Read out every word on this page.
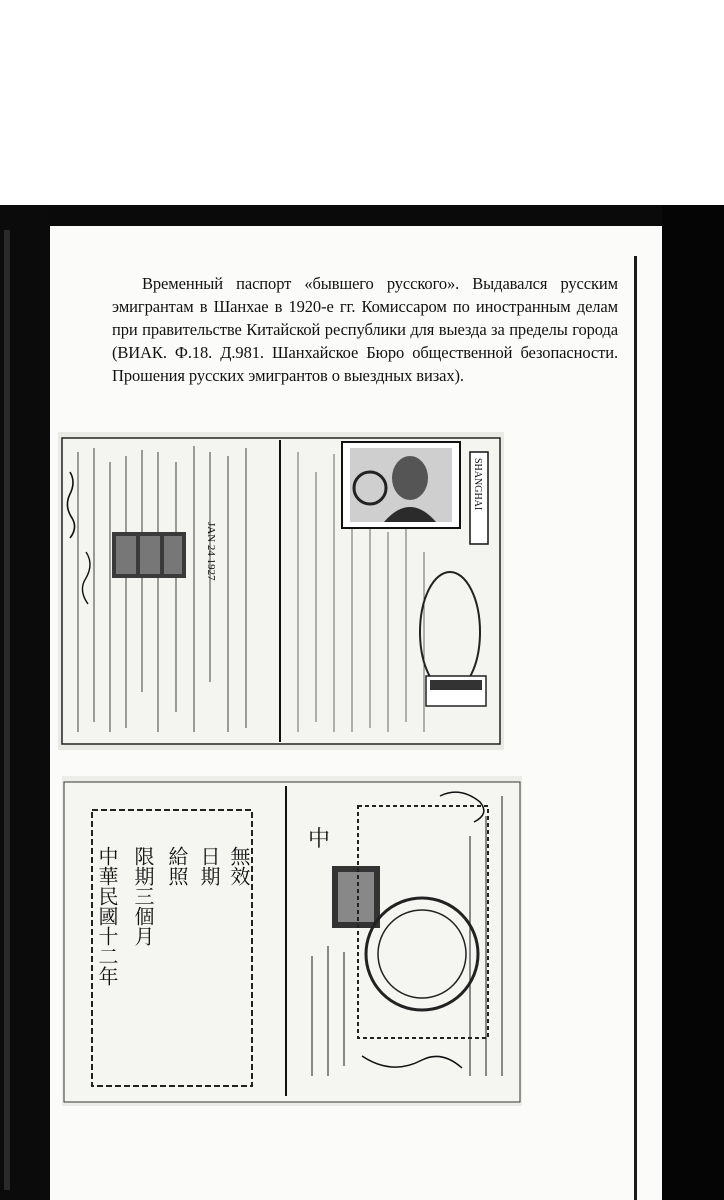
Временный паспорт «бывшего русского». Выдавался русским эмигрантам в Шанхае в 1920-е гг. Комиссаром по иностранным делам при правительстве Китайской республики для выезда за пределы города (ВИАК. Ф.18. Д.981. Шанхайское Бюро общественной безопасности. Прошения русских эмигрантов о выездных визах).

JAN 24 1927
SHANGHAI
中華民國十二年 限期三個月 給照 日期 無效
中
